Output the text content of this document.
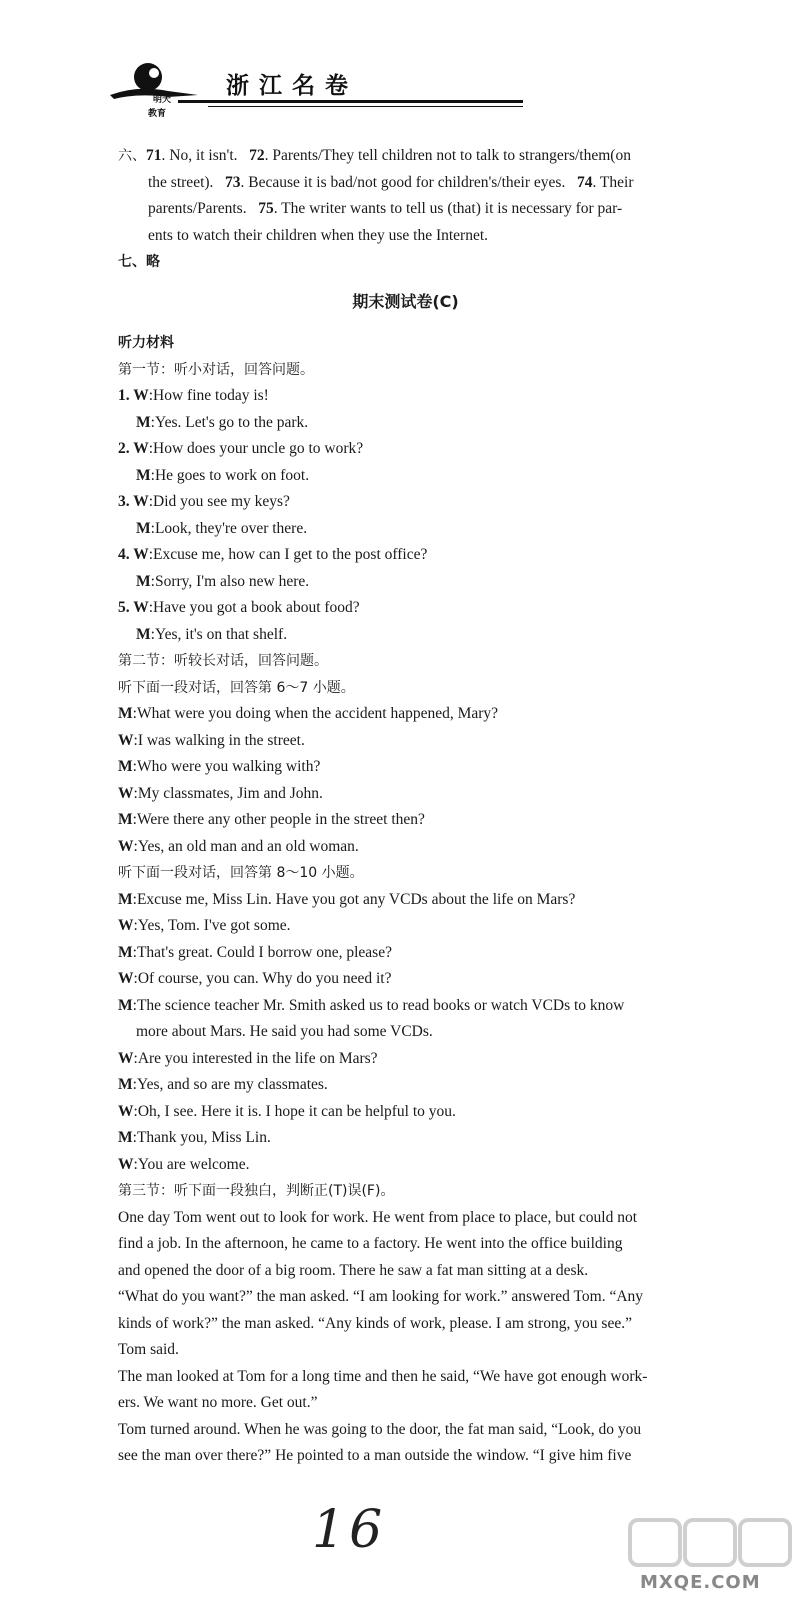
明天
教育
浙江名卷
六、71. No, it isn't. 72. Parents/They tell children not to talk to strangers/them(on
the street). 73. Because it is bad/not good for children's/their eyes. 74. Their
parents/Parents. 75. The writer wants to tell us (that) it is necessary for par-
ents to watch their children when they use the Internet.
七、略
期末测试卷(C)
听力材料
第一节：听小对话，回答问题。
1. W:How fine today is!
M:Yes. Let's go to the park.
2. W:How does your uncle go to work?
M:He goes to work on foot.
3. W:Did you see my keys?
M:Look, they're over there.
4. W:Excuse me, how can I get to the post office?
M:Sorry, I'm also new here.
5. W:Have you got a book about food?
M:Yes, it's on that shelf.
第二节：听较长对话，回答问题。
听下面一段对话，回答第 6～7 小题。
M:What were you doing when the accident happened, Mary?
W:I was walking in the street.
M:Who were you walking with?
W:My classmates, Jim and John.
M:Were there any other people in the street then?
W:Yes, an old man and an old woman.
听下面一段对话，回答第 8～10 小题。
M:Excuse me, Miss Lin. Have you got any VCDs about the life on Mars?
W:Yes, Tom. I've got some.
M:That's great. Could I borrow one, please?
W:Of course, you can. Why do you need it?
M:The science teacher Mr. Smith asked us to read books or watch VCDs to know
more about Mars. He said you had some VCDs.
W:Are you interested in the life on Mars?
M:Yes, and so are my classmates.
W:Oh, I see. Here it is. I hope it can be helpful to you.
M:Thank you, Miss Lin.
W:You are welcome.
第三节：听下面一段独白，判断正(T)误(F)。
One day Tom went out to look for work. He went from place to place, but could not
find a job. In the afternoon, he came to a factory. He went into the office building
and opened the door of a big room. There he saw a fat man sitting at a desk.
“What do you want?” the man asked. “I am looking for work.” answered Tom. “Any
kinds of work?” the man asked. “Any kinds of work, please. I am strong, you see.”
Tom said.
The man looked at Tom for a long time and then he said, “We have got enough work-
ers. We want no more. Get out.”
Tom turned around. When he was going to the door, the fat man said, “Look, do you
see the man over there?” He pointed to a man outside the window. “I give him five
16
MXQE.COM
